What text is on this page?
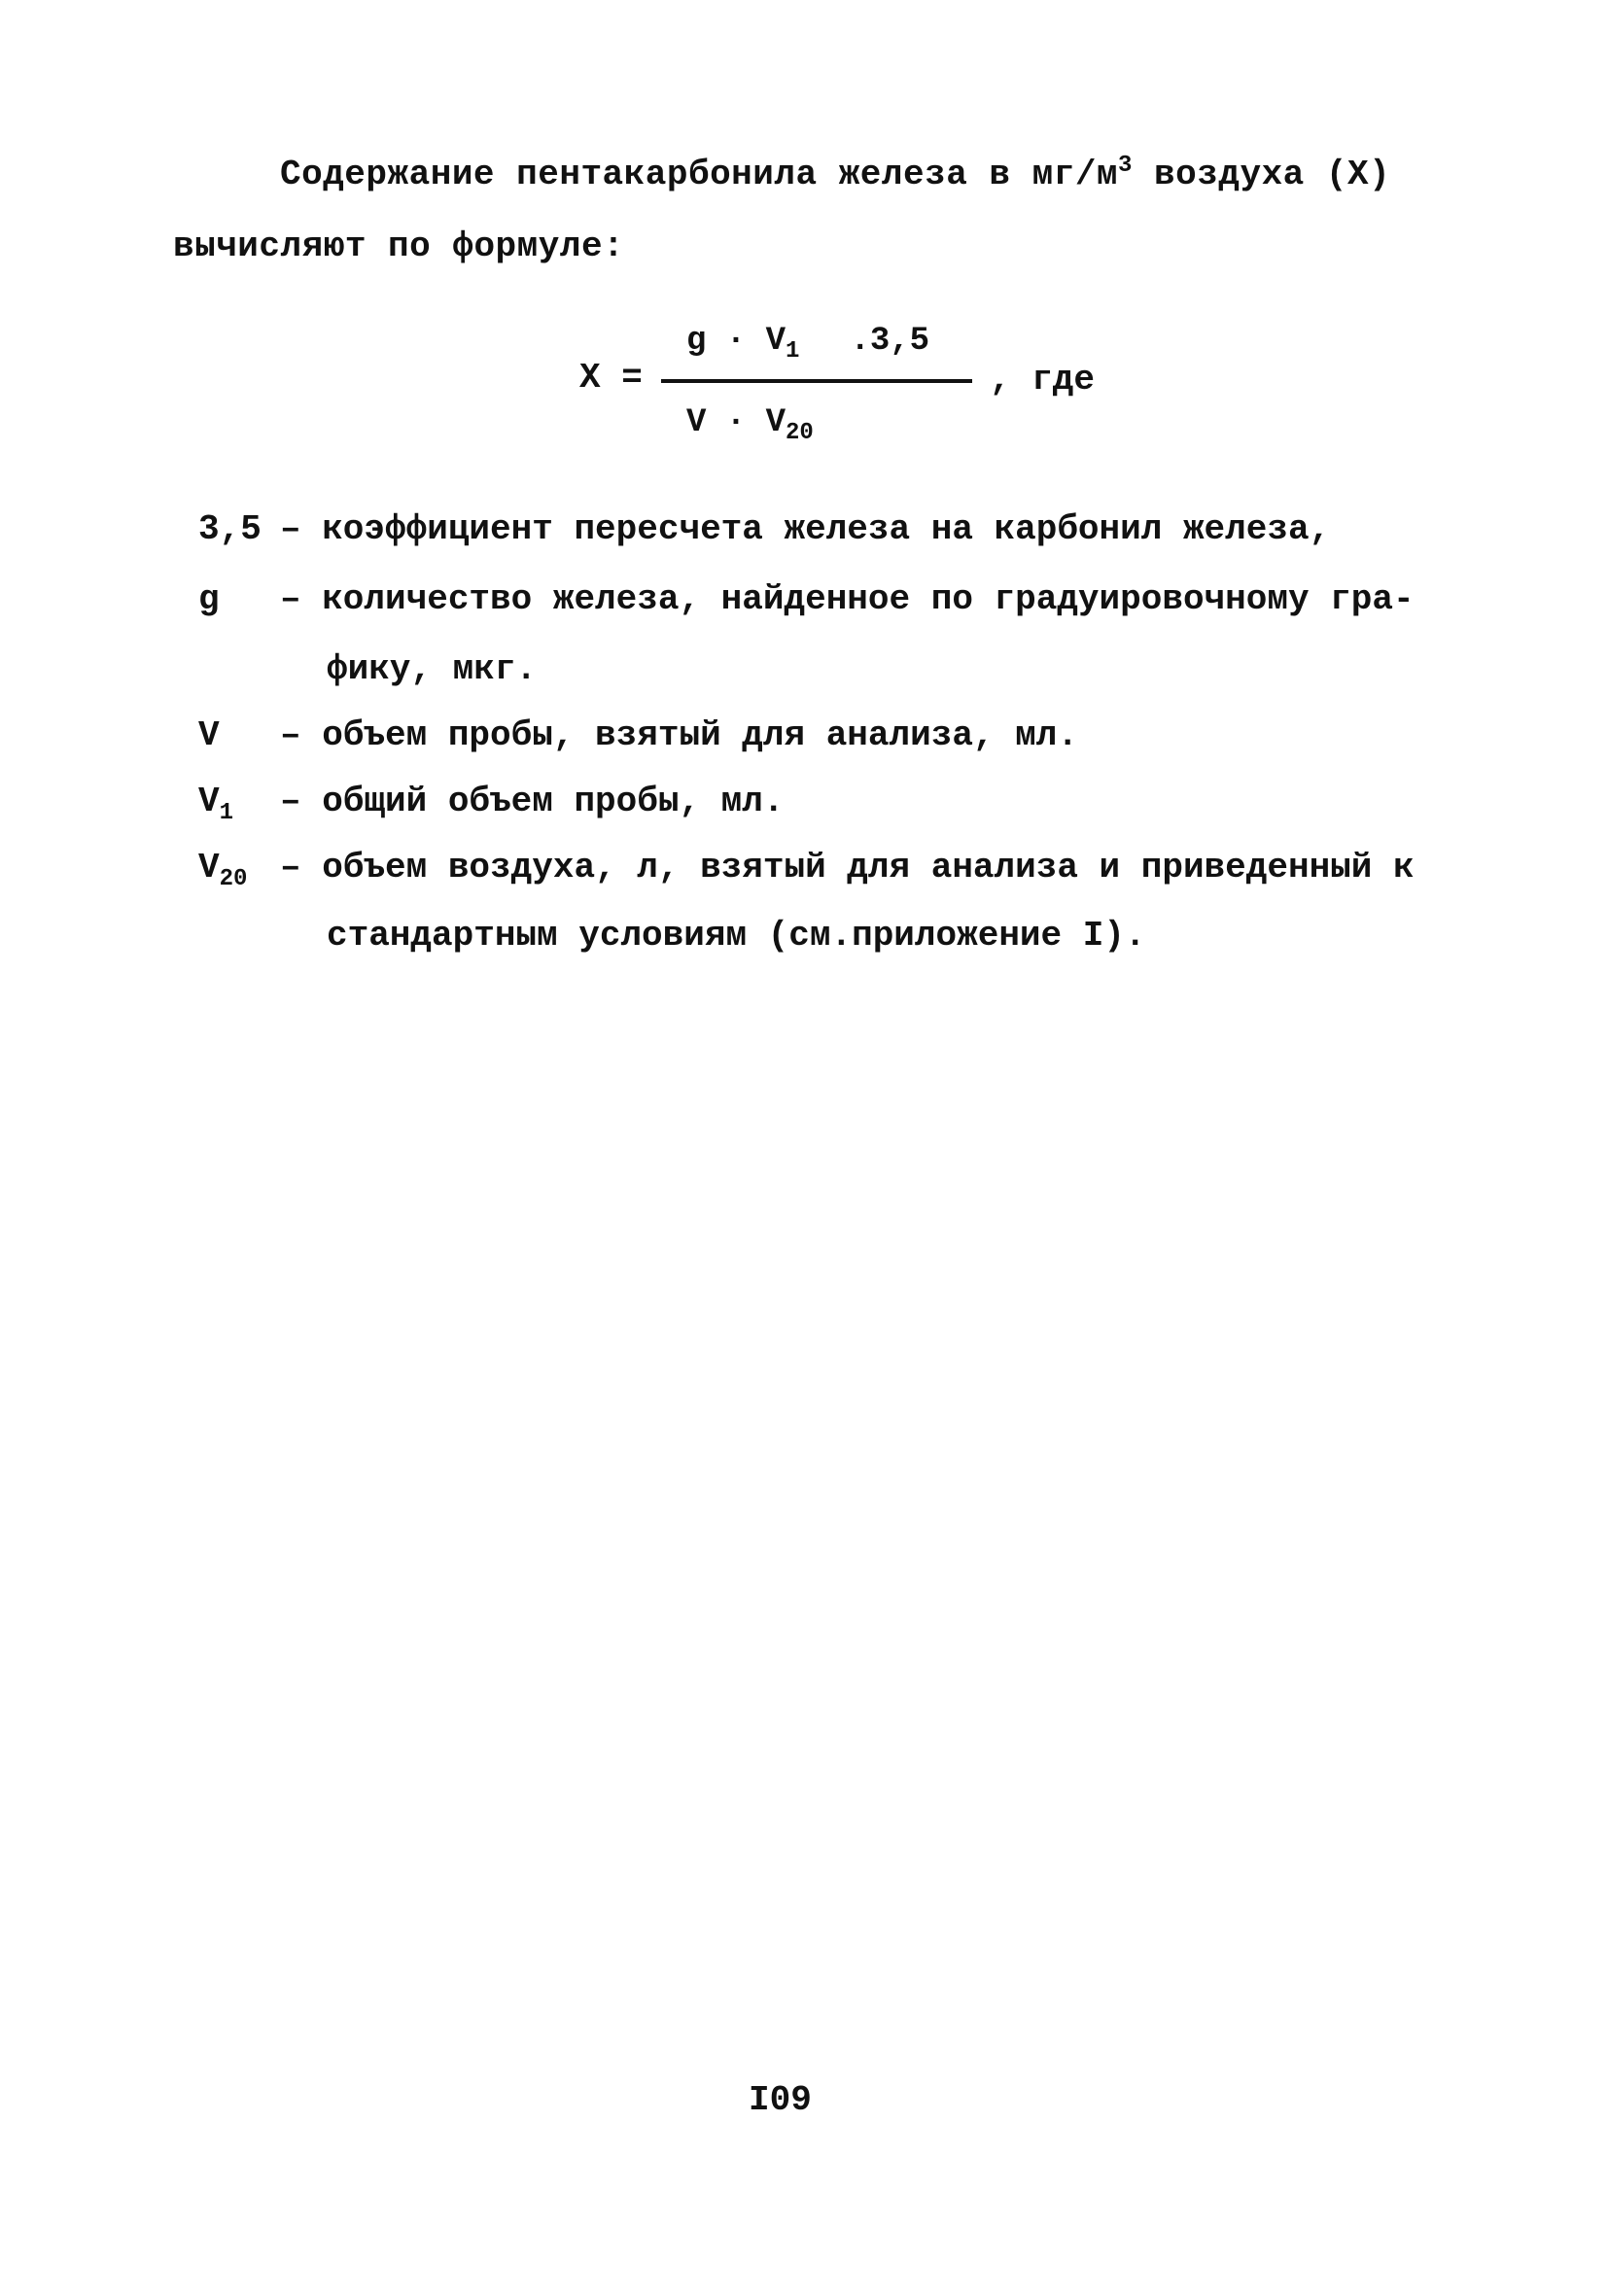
Содержание пентакарбонила железа в $мг/м^3$ воздуха (X)
вычисляют по формуле:
X =
$g \cdot V_1$ .3,5
$V \cdot V_{20}$
, где
3,5 – коэффициент пересчета железа на карбонил железа,
g – количество железа, найденное по градуировочному гра-
фику, мкг.
V – объем пробы, взятый для анализа, мл.
$V_1$ – общий объем пробы, мл.
$V_{20}$ – объем воздуха, л, взятый для анализа и приведенный к
стандартным условиям (см.приложение I).
I09
